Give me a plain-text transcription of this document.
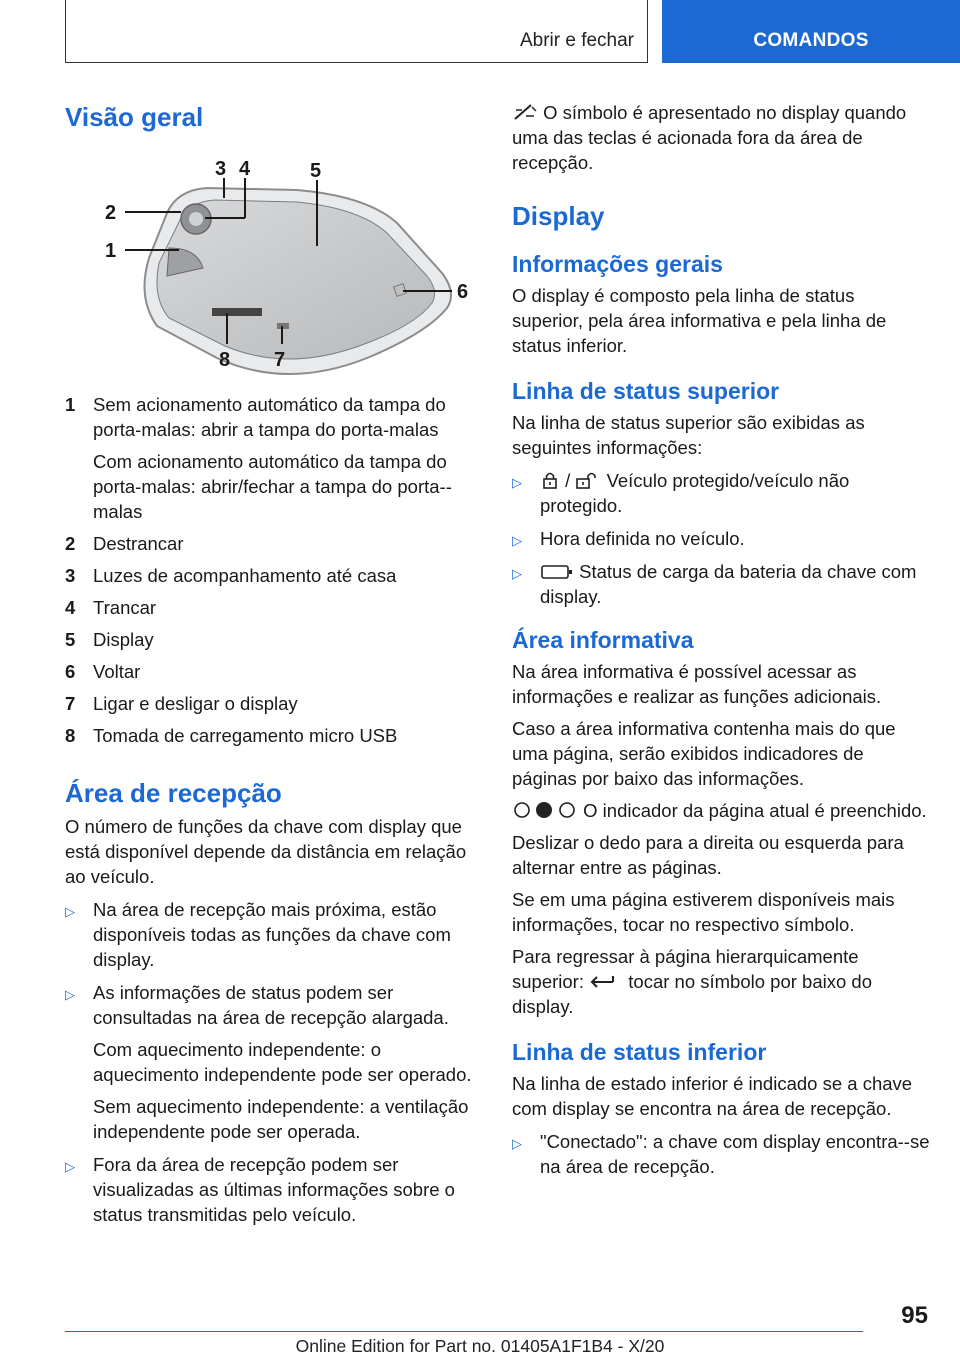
Abrir e fechar	COMANDOS
Visão geral
3 4	5
2
1
6
8 7
1 Sem acionamento automático da tampa do porta-malas: abrir a tampa do porta-malas

Com acionamento automático da tampa do porta-malas: abrir/fechar a tampa do porta--malas

2 Destrancar

3 Luzes de acompanhamento até casa

4 Trancar

5 Display

6 Voltar

7 Ligar e desligar o display

8 Tomada de carregamento micro USB

Área de recepção

O número de funções da chave com display que está disponível depende da distância em relação ao veículo.

▷ Na área de recepção mais próxima, estão disponíveis todas as funções da chave com display.

▷ As informações de status podem ser consultadas na área de recepção alargada.

Com aquecimento independente: o aquecimento independente pode ser operado.

Sem aquecimento independente: a ventilação independente pode ser operada.

▷ Fora da área de recepção podem ser visualizadas as últimas informações sobre o status transmitidas pelo veículo.

O símbolo é apresentado no display quando uma das teclas é acionada fora da área de recepção.

Display
Informações gerais

O display é composto pela linha de status superior, pela área informativa e pela linha de status inferior.

Linha de status superior

Na linha de status superior são exibidas as seguintes informações:

▷	/ Veículo protegido/veículo não protegido.

▷ Hora definida no veículo.

▷	Status de carga da bateria da chave com display.

Área informativa

Na área informativa é possível acessar as informações e realizar as funções adicionais.

Caso a área informativa contenha mais do que uma página, serão exibidos indicadores de páginas por baixo das informações.

O indicador da página atual é preenchido.

Deslizar o dedo para a direita ou esquerda para alternar entre as páginas.

Se em uma página estiverem disponíveis mais informações, tocar no respectivo símbolo.

Para regressar à página hierarquicamente superior: tocar no símbolo por baixo do display.

Linha de status inferior

Na linha de estado inferior é indicado se a chave com display se encontra na área de recepção.

▷ "Conectado": a chave com display encontra--se na área de recepção.

95
Online Edition for Part no. 01405A1F1B4 - X/20
